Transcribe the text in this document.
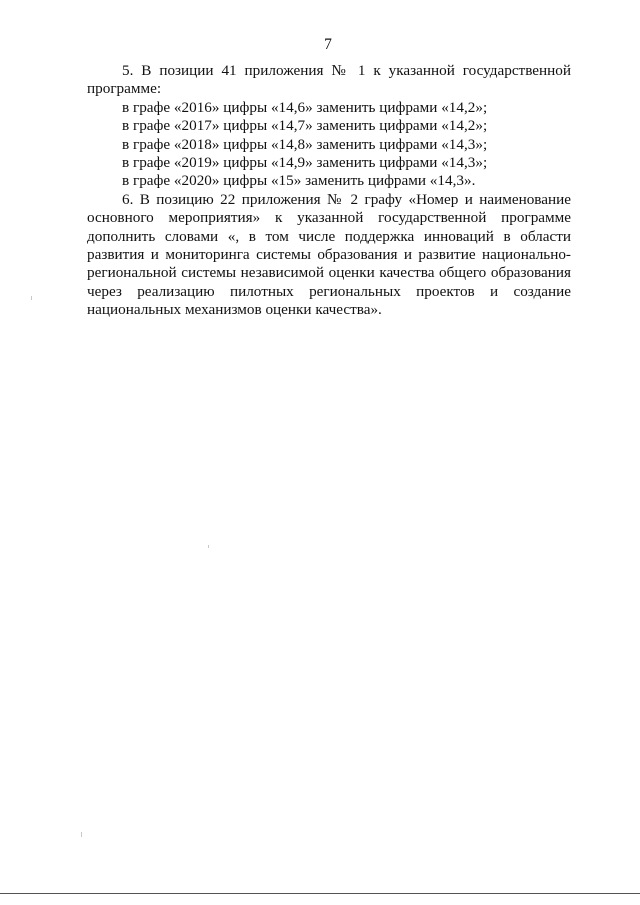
7

5. В позиции 41 приложения № 1 к указанной государственной программе:

в графе «2016» цифры «14,6» заменить цифрами «14,2»;

в графе «2017» цифры «14,7» заменить цифрами «14,2»;

в графе «2018» цифры «14,8» заменить цифрами «14,3»;

в графе «2019» цифры «14,9» заменить цифрами «14,3»;

в графе «2020» цифры «15» заменить цифрами «14,3».

6. В позицию 22 приложения № 2 графу «Номер и наименование основного мероприятия» к указанной государственной программе дополнить словами «, в том числе поддержка инноваций в области развития и мониторинга системы образования и развитие национально-региональной системы независимой оценки качества общего образования через реализацию пилотных региональных проектов и создание национальных механизмов оценки качества».
